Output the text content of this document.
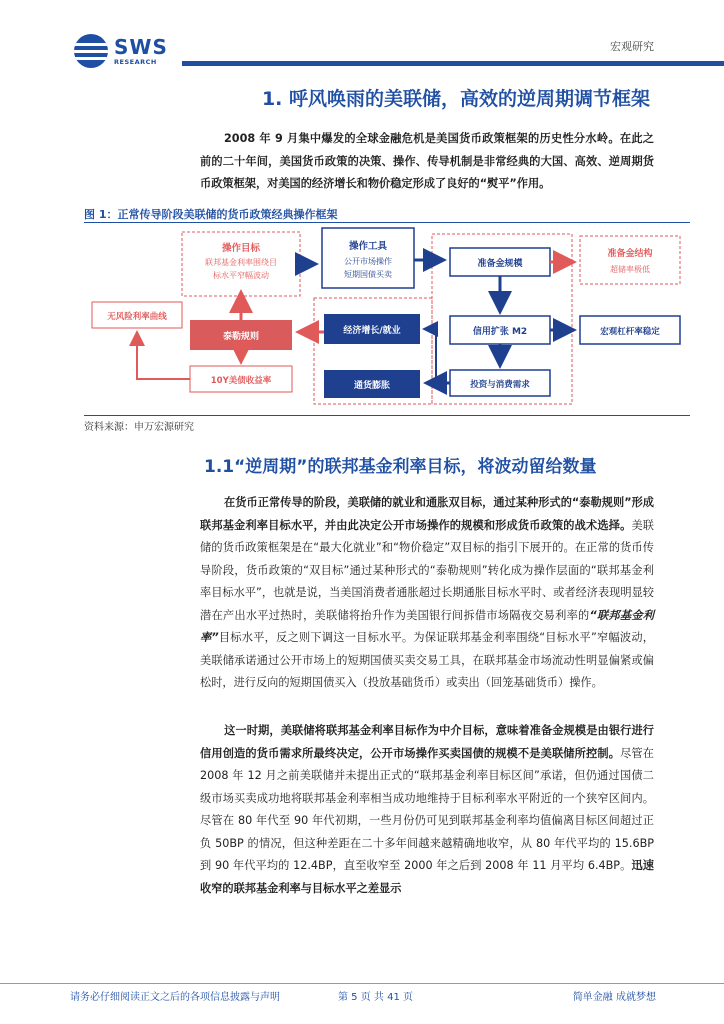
SWS
RESEARCH
宏观研究
1. 呼风唤雨的美联储，高效的逆周期调节框架

2008 年 9 月集中爆发的全球金融危机是美国货币政策框架的历史性分水岭。在此之前的二十年间，美国货币政策的决策、操作、传导机制是非常经典的大国、高效、逆周期货币政策框架，对美国的经济增长和物价稳定形成了良好的“熨平”作用。

图 1：正常传导阶段美联储的货币政策经典操作框架
操作目标
联邦基金利率围绕目
标水平窄幅波动
操作工具
公开市场操作
短期国债买卖
准备金规模
准备金结构
超储率极低
无风险利率曲线
泰勒规则
经济增长/就业	信用扩张 M2	宏观杠杆率稳定
10Y美债收益率	通货膨胀	投资与消费需求
资料来源：申万宏源研究
1.1“逆周期”的联邦基金利率目标，将波动留给数量

在货币正常传导的阶段，美联储的就业和通胀双目标，通过某种形式的“泰勒规则”形成联邦基金利率目标水平，并由此决定公开市场操作的规模和形成货币政策的战术选择。美联储的货币政策框架是在“最大化就业”和“物价稳定”双目标的指引下展开的。在正常的货币传导阶段，货币政策的“双目标”通过某种形式的“泰勒规则”转化成为操作层面的“联邦基金利率目标水平”，也就是说，当美国消费者通胀超过长期通胀目标水平时、或者经济表现明显较潜在产出水平过热时，美联储将抬升作为美国银行间拆借市场隔夜交易利率的“联邦基金利率”目标水平，反之则下调这一目标水平。为保证联邦基金利率围绕“目标水平”窄幅波动，美联储承诺通过公开市场上的短期国债买卖交易工具，在联邦基金市场流动性明显偏紧或偏松时，进行反向的短期国债买入（投放基础货币）或卖出（回笼基础货币）操作。

这一时期，美联储将联邦基金利率目标作为中介目标，意味着准备金规模是由银行进行信用创造的货币需求所最终决定，公开市场操作买卖国债的规模不是美联储所控制。尽管在 2008 年 12 月之前美联储并未提出正式的“联邦基金利率目标区间”承诺，但仍通过国债二级市场买卖成功地将联邦基金利率相当成功地维持于目标利率水平附近的一个狭窄区间内。尽管在 80 年代至 90 年代初期，一些月份仍可见到联邦基金利率均值偏离目标区间超过正负 50BP 的情况，但这种差距在二十多年间越来越精确地收窄，从 80 年代平均的 15.6BP 到 90 年代平均的 12.4BP，直至收窄至 2000 年之后到 2008 年 11 月平均 6.4BP。迅速收窄的联邦基金利率与目标水平之差显示

请务必仔细阅读正文之后的各项信息披露与声明	第 5 页 共 41 页	简单金融 成就梦想
